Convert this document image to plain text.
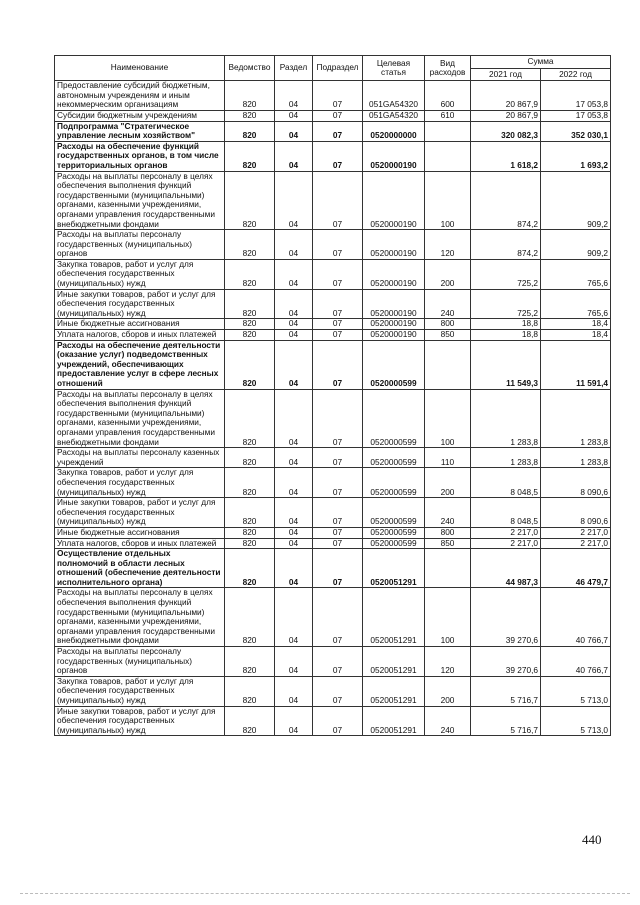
Наименование	Ведомство	Раздел	Подраздел	Целевая статья	Вид расходов	Сумма	
						2021 год	2022 год
Предоставление субсидий бюджетным, автономным учреждениям и иным некоммерческим организациям	820	04	07	051GA54320	600	20 867,9	17 053,8
Субсидии бюджетным учреждениям	820	04	07	051GA54320	610	20 867,9	17 053,8
Подпрограмма "Стратегическое управление лесным хозяйством"	820	04	07	0520000000		320 082,3	352 030,1
Расходы на обеспечение функций государственных органов, в том числе территориальных органов	820	04	07	0520000190		1 618,2	1 693,2
Расходы на выплаты персоналу в целях обеспечения выполнения функций государственными (муниципальными) органами, казенными учреждениями, органами управления государственными внебюджетными фондами	820	04	07	0520000190	100	874,2	909,2
Расходы на выплаты персоналу государственных (муниципальных) органов	820	04	07	0520000190	120	874,2	909,2
Закупка товаров, работ и услуг для обеспечения государственных (муниципальных) нужд	820	04	07	0520000190	200	725,2	765,6
Иные закупки товаров, работ и услуг для обеспечения государственных (муниципальных) нужд	820	04	07	0520000190	240	725,2	765,6
Иные бюджетные ассигнования	820	04	07	0520000190	800	18,8	18,4
Уплата налогов, сборов и иных платежей	820	04	07	0520000190	850	18,8	18,4
Расходы на обеспечение деятельности (оказание услуг) подведомственных учреждений, обеспечивающих предоставление услуг в сфере лесных отношений	820	04	07	0520000599		11 549,3	11 591,4
Расходы на выплаты персоналу в целях обеспечения выполнения функций государственными (муниципальными) органами, казенными учреждениями, органами управления государственными внебюджетными фондами	820	04	07	0520000599	100	1 283,8	1 283,8
Расходы на выплаты персоналу казенных учреждений	820	04	07	0520000599	110	1 283,8	1 283,8
Закупка товаров, работ и услуг для обеспечения государственных (муниципальных) нужд	820	04	07	0520000599	200	8 048,5	8 090,6
Иные закупки товаров, работ и услуг для обеспечения государственных (муниципальных) нужд	820	04	07	0520000599	240	8 048,5	8 090,6
Иные бюджетные ассигнования	820	04	07	0520000599	800	2 217,0	2 217,0
Уплата налогов, сборов и иных платежей	820	04	07	0520000599	850	2 217,0	2 217,0
Осуществление отдельных полномочий в области лесных отношений (обеспечение деятельности исполнительного органа)	820	04	07	0520051291		44 987,3	46 479,7
Расходы на выплаты персоналу в целях обеспечения выполнения функций государственными (муниципальными) органами, казенными учреждениями, органами управления государственными внебюджетными фондами	820	04	07	0520051291	100	39 270,6	40 766,7
Расходы на выплаты персоналу государственных (муниципальных) органов	820	04	07	0520051291	120	39 270,6	40 766,7
Закупка товаров, работ и услуг для обеспечения государственных (муниципальных) нужд	820	04	07	0520051291	200	5 716,7	5 713,0
Иные закупки товаров, работ и услуг для обеспечения государственных (муниципальных) нужд	820	04	07	0520051291	240	5 716,7	5 713,0
440
